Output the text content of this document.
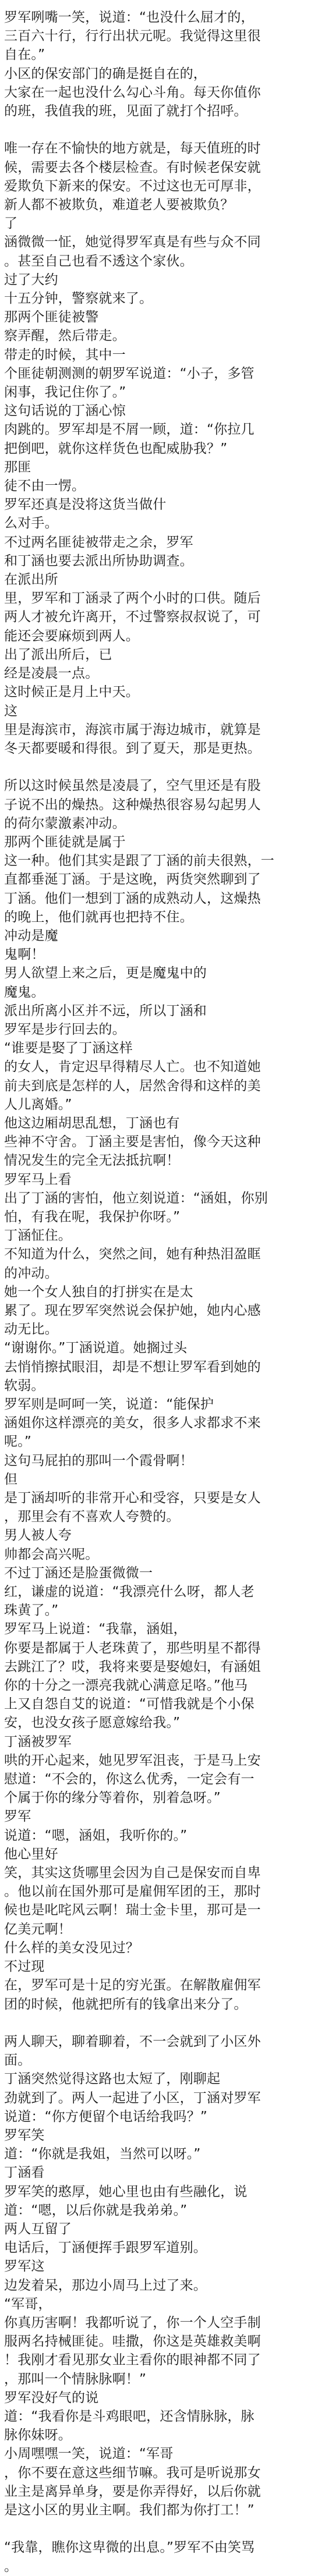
罗军咧嘴一笑，说道：“也没什么屈才的，
三百六十行，行行出状元呢。我觉得这里很
自在。”
小区的保安部门的确是挺自在的，
大家在一起也没什么勾心斗角。每天你值你
的班，我值我的班，见面了就打个招呼。
唯一存在不愉快的地方就是，每天值班的时
候，需要去各个楼层检查。有时候老保安就
爱欺负下新来的保安。不过这也无可厚非，
新人都不被欺负，难道老人要被欺负？
了
涵微微一怔，她觉得罗军真是有些与众不同
。甚至自己也看不透这个家伙。
过了大约
十五分钟，警察就来了。
那两个匪徒被警
察弄醒，然后带走。
带走的时候，其中一
个匪徒朝测测的朝罗军说道：“小子，多管
闲事，我记住你了。”
这句话说的丁涵心惊
肉跳的。罗军却是不屑一顾，道：“你拉几
把倒吧，就你这样货色也配威胁我？”
那匪
徒不由一愣。
罗军还真是没将这货当做什
么对手。
不过两名匪徒被带走之余，罗军
和丁涵也要去派出所协助调查。
在派出所
里，罗军和丁涵录了两个小时的口供。随后
两人才被允许离开，不过警察叔叔说了，可
能还会要麻烦到两人。
出了派出所后，已
经是凌晨一点。
这时候正是月上中天。
这
里是海滨市，海滨市属于海边城市，就算是
冬天都要暖和得很。到了夏天，那是更热。
所以这时候虽然是凌晨了，空气里还是有股
子说不出的燥热。这种燥热很容易勾起男人
的荷尔蒙激素冲动。
那两个匪徒就是属于
这一种。他们其实是跟了丁涵的前夫很熟，一
直都垂涎丁涵。于是这晚，两货突然聊到了
丁涵。他们一想到丁涵的成熟动人，这燥热
的晚上，他们就再也把持不住。
冲动是魔
鬼啊！
男人欲望上来之后，更是魔鬼中的
魔鬼。
派出所离小区并不远，所以丁涵和
罗军是步行回去的。
“谁要是娶了丁涵这样
的女人，肯定迟早得精尽人亡。也不知道她
前夫到底是怎样的人，居然舍得和这样的美
人儿离婚。”
他这边厢胡思乱想，丁涵也有
些神不守舍。丁涵主要是害怕，像今天这种
情况发生的完全无法抵抗啊！
罗军马上看
出了丁涵的害怕，他立刻说道：“涵姐，你别
怕，有我在呢，我保护你呀。”
丁涵怔住。
不知道为什么，突然之间，她有种热泪盈眶
的冲动。
她一个女人独自的打拼实在是太
累了。现在罗军突然说会保护她，她内心感
动无比。
“谢谢你。”丁涵说道。她搁过头
去悄悄擦拭眼泪，却是不想让罗军看到她的
软弱。
罗军则是呵呵一笑，说道：“能保护
涵姐你这样漂亮的美女，很多人求都求不来
呢。”
这句马屁拍的那叫一个霞骨啊！
但
是丁涵却听的非常开心和受容，只要是女人
，那里会有不喜欢人夸赞的。
男人被人夸
帅都会高兴呢。
不过丁涵还是脸蛋微微一
红，谦虚的说道：“我漂亮什么呀，都人老
珠黄了。”
罗军马上说道：“我靠，涵姐，
你要是都属于人老珠黄了，那些明星不都得
去跳江了？哎，我将来要是娶媳妇，有涵姐
你的十分之一漂亮我就心满意足咯。”他马
上又自怨自艾的说道：“可惜我就是个小保
安，也没女孩子愿意嫁给我。”
丁涵被罗军
哄的开心起来，她见罗军沮丧，于是马上安
慰道：“不会的，你这么优秀，一定会有一
个属于你的缘分等着你，别着急呀。”
罗军
说道：“嗯，涵姐，我听你的。”
他心里好
笑，其实这货哪里会因为自己是保安而自卑
。他以前在国外那可是雇佣军团的王，那时
候也是叱咤风云啊！瑞士金卡里，那可是一
亿美元啊！
什么样的美女没见过？
不过现
在，罗军可是十足的穷光蛋。在解散雇佣军
团的时候，他就把所有的钱拿出来分了。
两人聊天，聊着聊着，不一会就到了小区外
面。
丁涵突然觉得这路也太短了，刚聊起
劲就到了。两人一起进了小区，丁涵对罗军
说道：“你方便留个电话给我吗？”
罗军笑
道：“你就是我姐，当然可以呀。”
丁涵看
罗军笑的憨厚，她心里也由有些融化，说
道：“嗯，以后你就是我弟弟。”
两人互留了
电话后，丁涵便挥手跟罗军道别。
罗军这
边发着呆，那边小周马上过了来。
“军哥，
你真历害啊！我都听说了，你一个人空手制
服两名持械匪徒。哇撒，你这是英雄救美啊
！我刚才看见那女业主看你的眼神都不同了
，那叫一个情脉脉啊！”
罗军没好气的说
道：“我看你是斗鸡眼吧，还含情脉脉，脉
脉你妹呀。
小周嘿嘿一笑，说道：“军哥
，你不要在意这些细节嘛。我可是听说那女
业主是离异单身，要是你弄得好，以后你就
是这小区的男业主啊。我们都为你打工！”
“我靠，瞧你这卑微的出息。”罗军不由笑骂
。
